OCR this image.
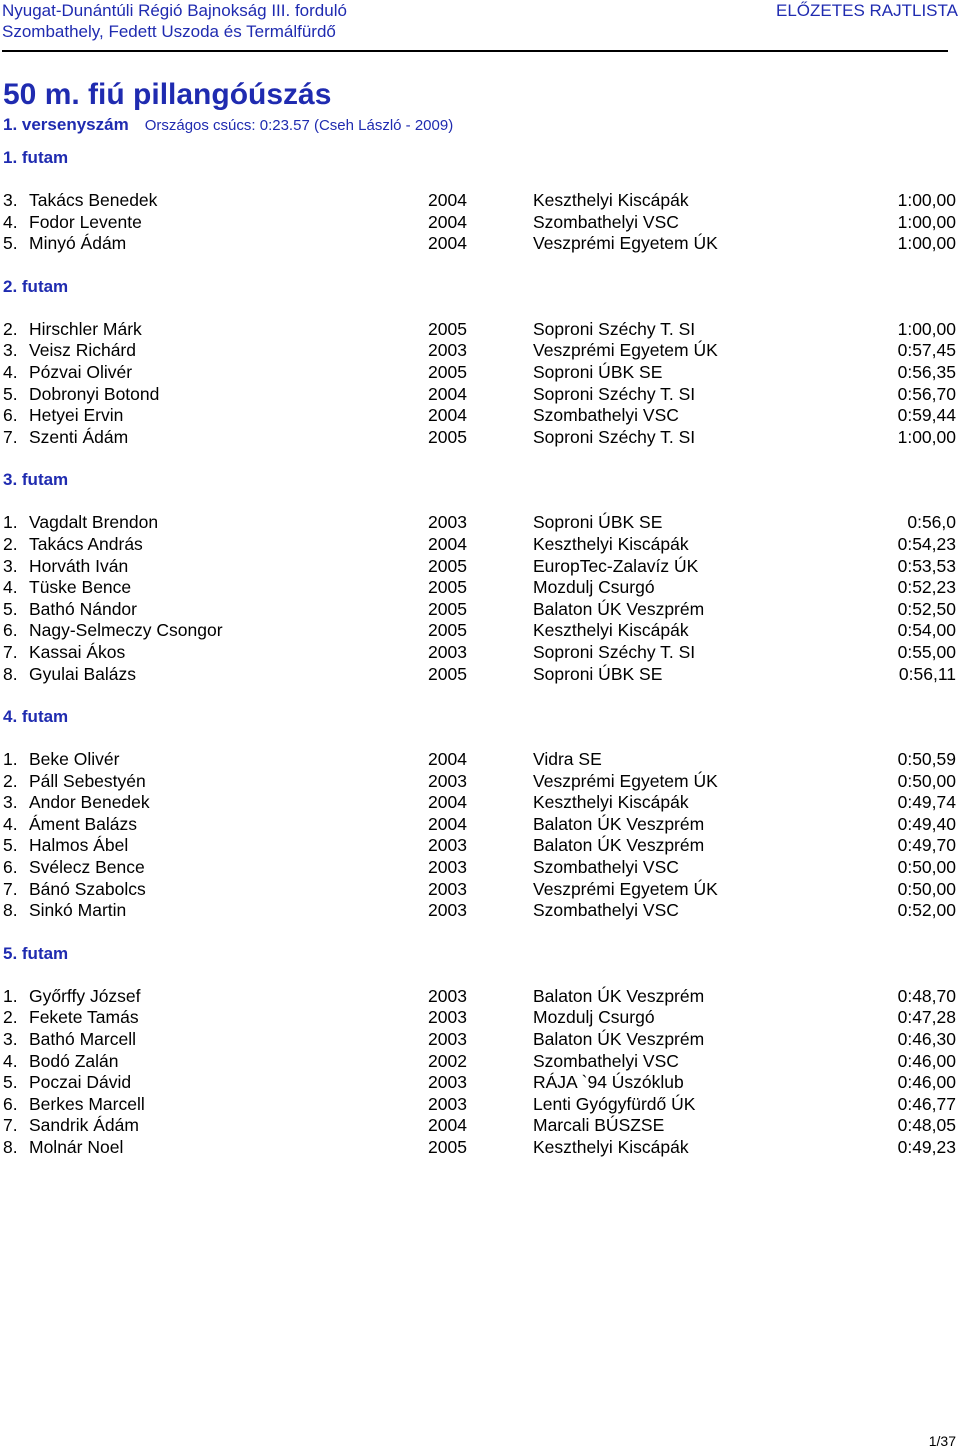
Nyugat-Dunántúli Régió Bajnokság III. forduló	ELŐZETES RAJTLISTA
Szombathely, Fedett Uszoda és Termálfürdő
50 m. fiú pillangóúszás
1. versenyszám Országos csúcs: 0:23.57 (Cseh László - 2009)
1. futam
3. Takács Benedek	2004	Keszthelyi Kiscápák	1:00,00
4. Fodor Levente	2004	Szombathelyi VSC	1:00,00
5. Minyó Ádám	2004	Veszprémi Egyetem ÚK	1:00,00
2. futam
2. Hirschler Márk	2005	Soproni Széchy T. SI	1:00,00
3. Veisz Richárd	2003	Veszprémi Egyetem ÚK	0:57,45
4. Pózvai Olivér	2005	Soproni ÚBK SE	0:56,35
5. Dobronyi Botond	2004	Soproni Széchy T. SI	0:56,70
6. Hetyei Ervin	2004	Szombathelyi VSC	0:59,44
7. Szenti Ádám	2005	Soproni Széchy T. SI	1:00,00
3. futam
1. Vagdalt Brendon	2003	Soproni ÚBK SE	0:56,0
2. Takács András	2004	Keszthelyi Kiscápák	0:54,23
3. Horváth Iván	2005	EuropTec-Zalavíz ÚK	0:53,53
4. Tüske Bence	2005	Mozdulj Csurgó	0:52,23
5. Bathó Nándor	2005	Balaton ÚK Veszprém	0:52,50
6. Nagy-Selmeczy Csongor	2005	Keszthelyi Kiscápák	0:54,00
7. Kassai Ákos	2003	Soproni Széchy T. SI	0:55,00
8. Gyulai Balázs	2005	Soproni ÚBK SE	0:56,11
4. futam
1. Beke Olivér	2004	Vidra SE	0:50,59
2. Páll Sebestyén	2003	Veszprémi Egyetem ÚK	0:50,00
3. Andor Benedek	2004	Keszthelyi Kiscápák	0:49,74
4. Áment Balázs	2004	Balaton ÚK Veszprém	0:49,40
5. Halmos Ábel	2003	Balaton ÚK Veszprém	0:49,70
6. Svélecz Bence	2003	Szombathelyi VSC	0:50,00
7. Bánó Szabolcs	2003	Veszprémi Egyetem ÚK	0:50,00
8. Sinkó Martin	2003	Szombathelyi VSC	0:52,00
5. futam
1. Győrffy József	2003	Balaton ÚK Veszprém	0:48,70
2. Fekete Tamás	2003	Mozdulj Csurgó	0:47,28
3. Bathó Marcell	2003	Balaton ÚK Veszprém	0:46,30
4. Bodó Zalán	2002	Szombathelyi VSC	0:46,00
5. Poczai Dávid	2003	RÁJA `94 Úszóklub	0:46,00
6. Berkes Marcell	2003	Lenti Gyógyfürdő ÚK	0:46,77
7. Sandrik Ádám	2004	Marcali BÚSZSE	0:48,05
8. Molnár Noel	2005	Keszthelyi Kiscápák	0:49,23
1/37
